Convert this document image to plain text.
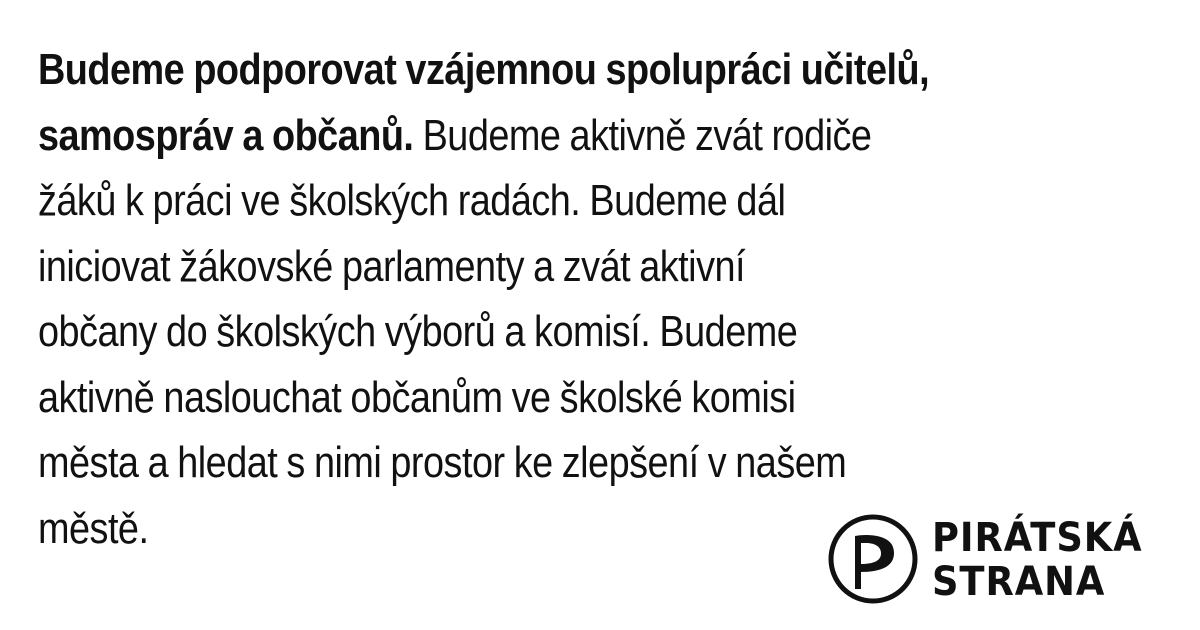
Budeme podporovat vzájemnou spolupráci učitelů,
samospráv a občanů. Budeme aktivně zvát rodiče
žáků k práci ve školských radách. Budeme dál
iniciovat žákovské parlamenty a zvát aktivní
občany do školských výborů a komisí. Budeme
aktivně naslouchat občanům ve školské komisi
města a hledat s nimi prostor ke zlepšení v našem
městě.	PIRÁTSKÁ
STRANA
